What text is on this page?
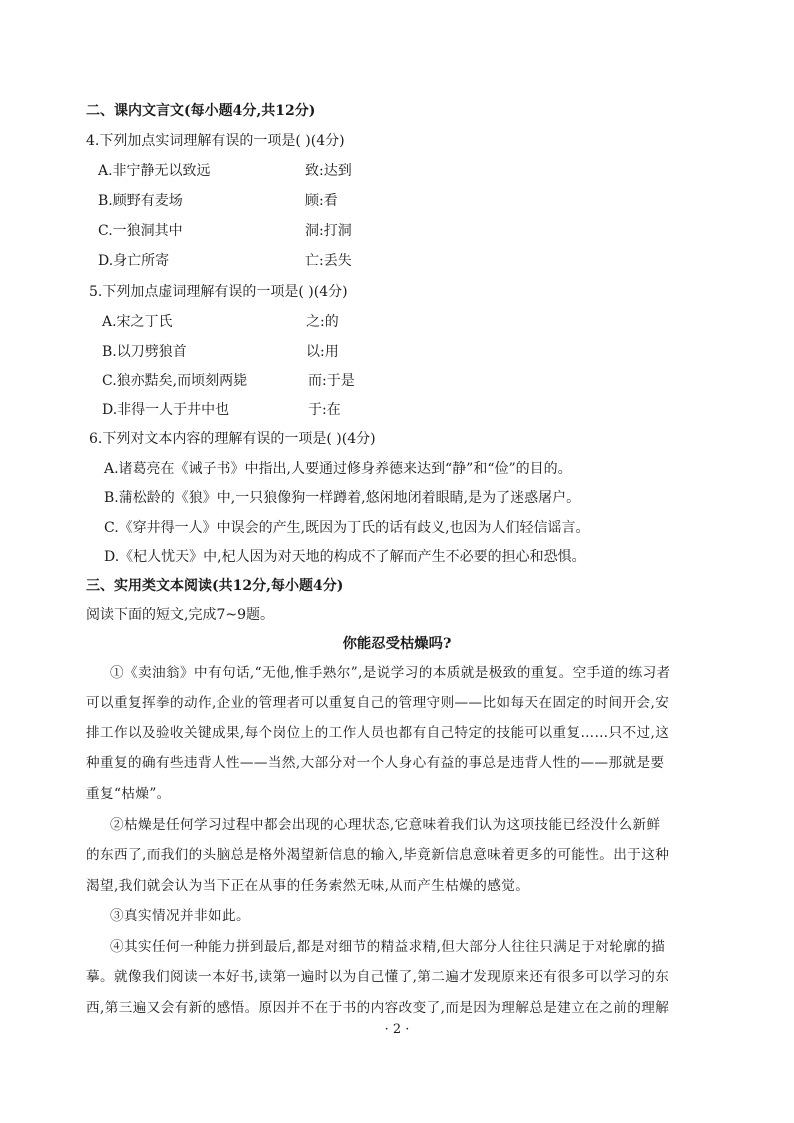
二、课内文言文(每小题4分,共12分)
4.下列加点实词理解有误的一项是( )(4分)
A.非宁静无以致远	致:达到
B.顾野有麦场	顾:看
C.一狼洞其中	洞:打洞
D.身亡所寄	亡:丢失
5.下列加点虚词理解有误的一项是( )(4分)
A.宋之丁氏	之:的
B.以刀劈狼首	以:用
C.狼亦黠矣,而顷刻两毙	而:于是
D.非得一人于井中也	于:在
6.下列对文本内容的理解有误的一项是( )(4分)
A.诸葛亮在《诫子书》中指出,人要通过修身养德来达到“静”和“俭”的目的。
B.蒲松龄的《狼》中,一只狼像狗一样蹲着,悠闲地闭着眼睛,是为了迷惑屠户。
C.《穿井得一人》中误会的产生,既因为丁氏的话有歧义,也因为人们轻信谣言。
D.《杞人忧天》中,杞人因为对天地的构成不了解而产生不必要的担心和恐惧。
三、实用类文本阅读(共12分,每小题4分)
阅读下面的短文,完成7~9题。
你能忍受枯燥吗?
①《卖油翁》中有句话,“无他,惟手熟尔”,是说学习的本质就是极致的重复。空手道的练习者
可以重复挥拳的动作,企业的管理者可以重复自己的管理守则——比如每天在固定的时间开会,安
排工作以及验收关键成果,每个岗位上的工作人员也都有自己特定的技能可以重复……只不过,这
种重复的确有些违背人性——当然,大部分对一个人身心有益的事总是违背人性的——那就是要
重复“枯燥”。
②枯燥是任何学习过程中都会出现的心理状态,它意味着我们认为这项技能已经没什么新鲜
的东西了,而我们的头脑总是格外渴望新信息的输入,毕竟新信息意味着更多的可能性。出于这种
渴望,我们就会认为当下正在从事的任务索然无味,从而产生枯燥的感觉。
③真实情况并非如此。
④其实任何一种能力拼到最后,都是对细节的精益求精,但大部分人往往只满足于对轮廓的描
摹。就像我们阅读一本好书,读第一遍时以为自己懂了,第二遍才发现原来还有很多可以学习的东
西,第三遍又会有新的感悟。原因并不在于书的内容改变了,而是因为理解总是建立在之前的理解
· 2 ·
